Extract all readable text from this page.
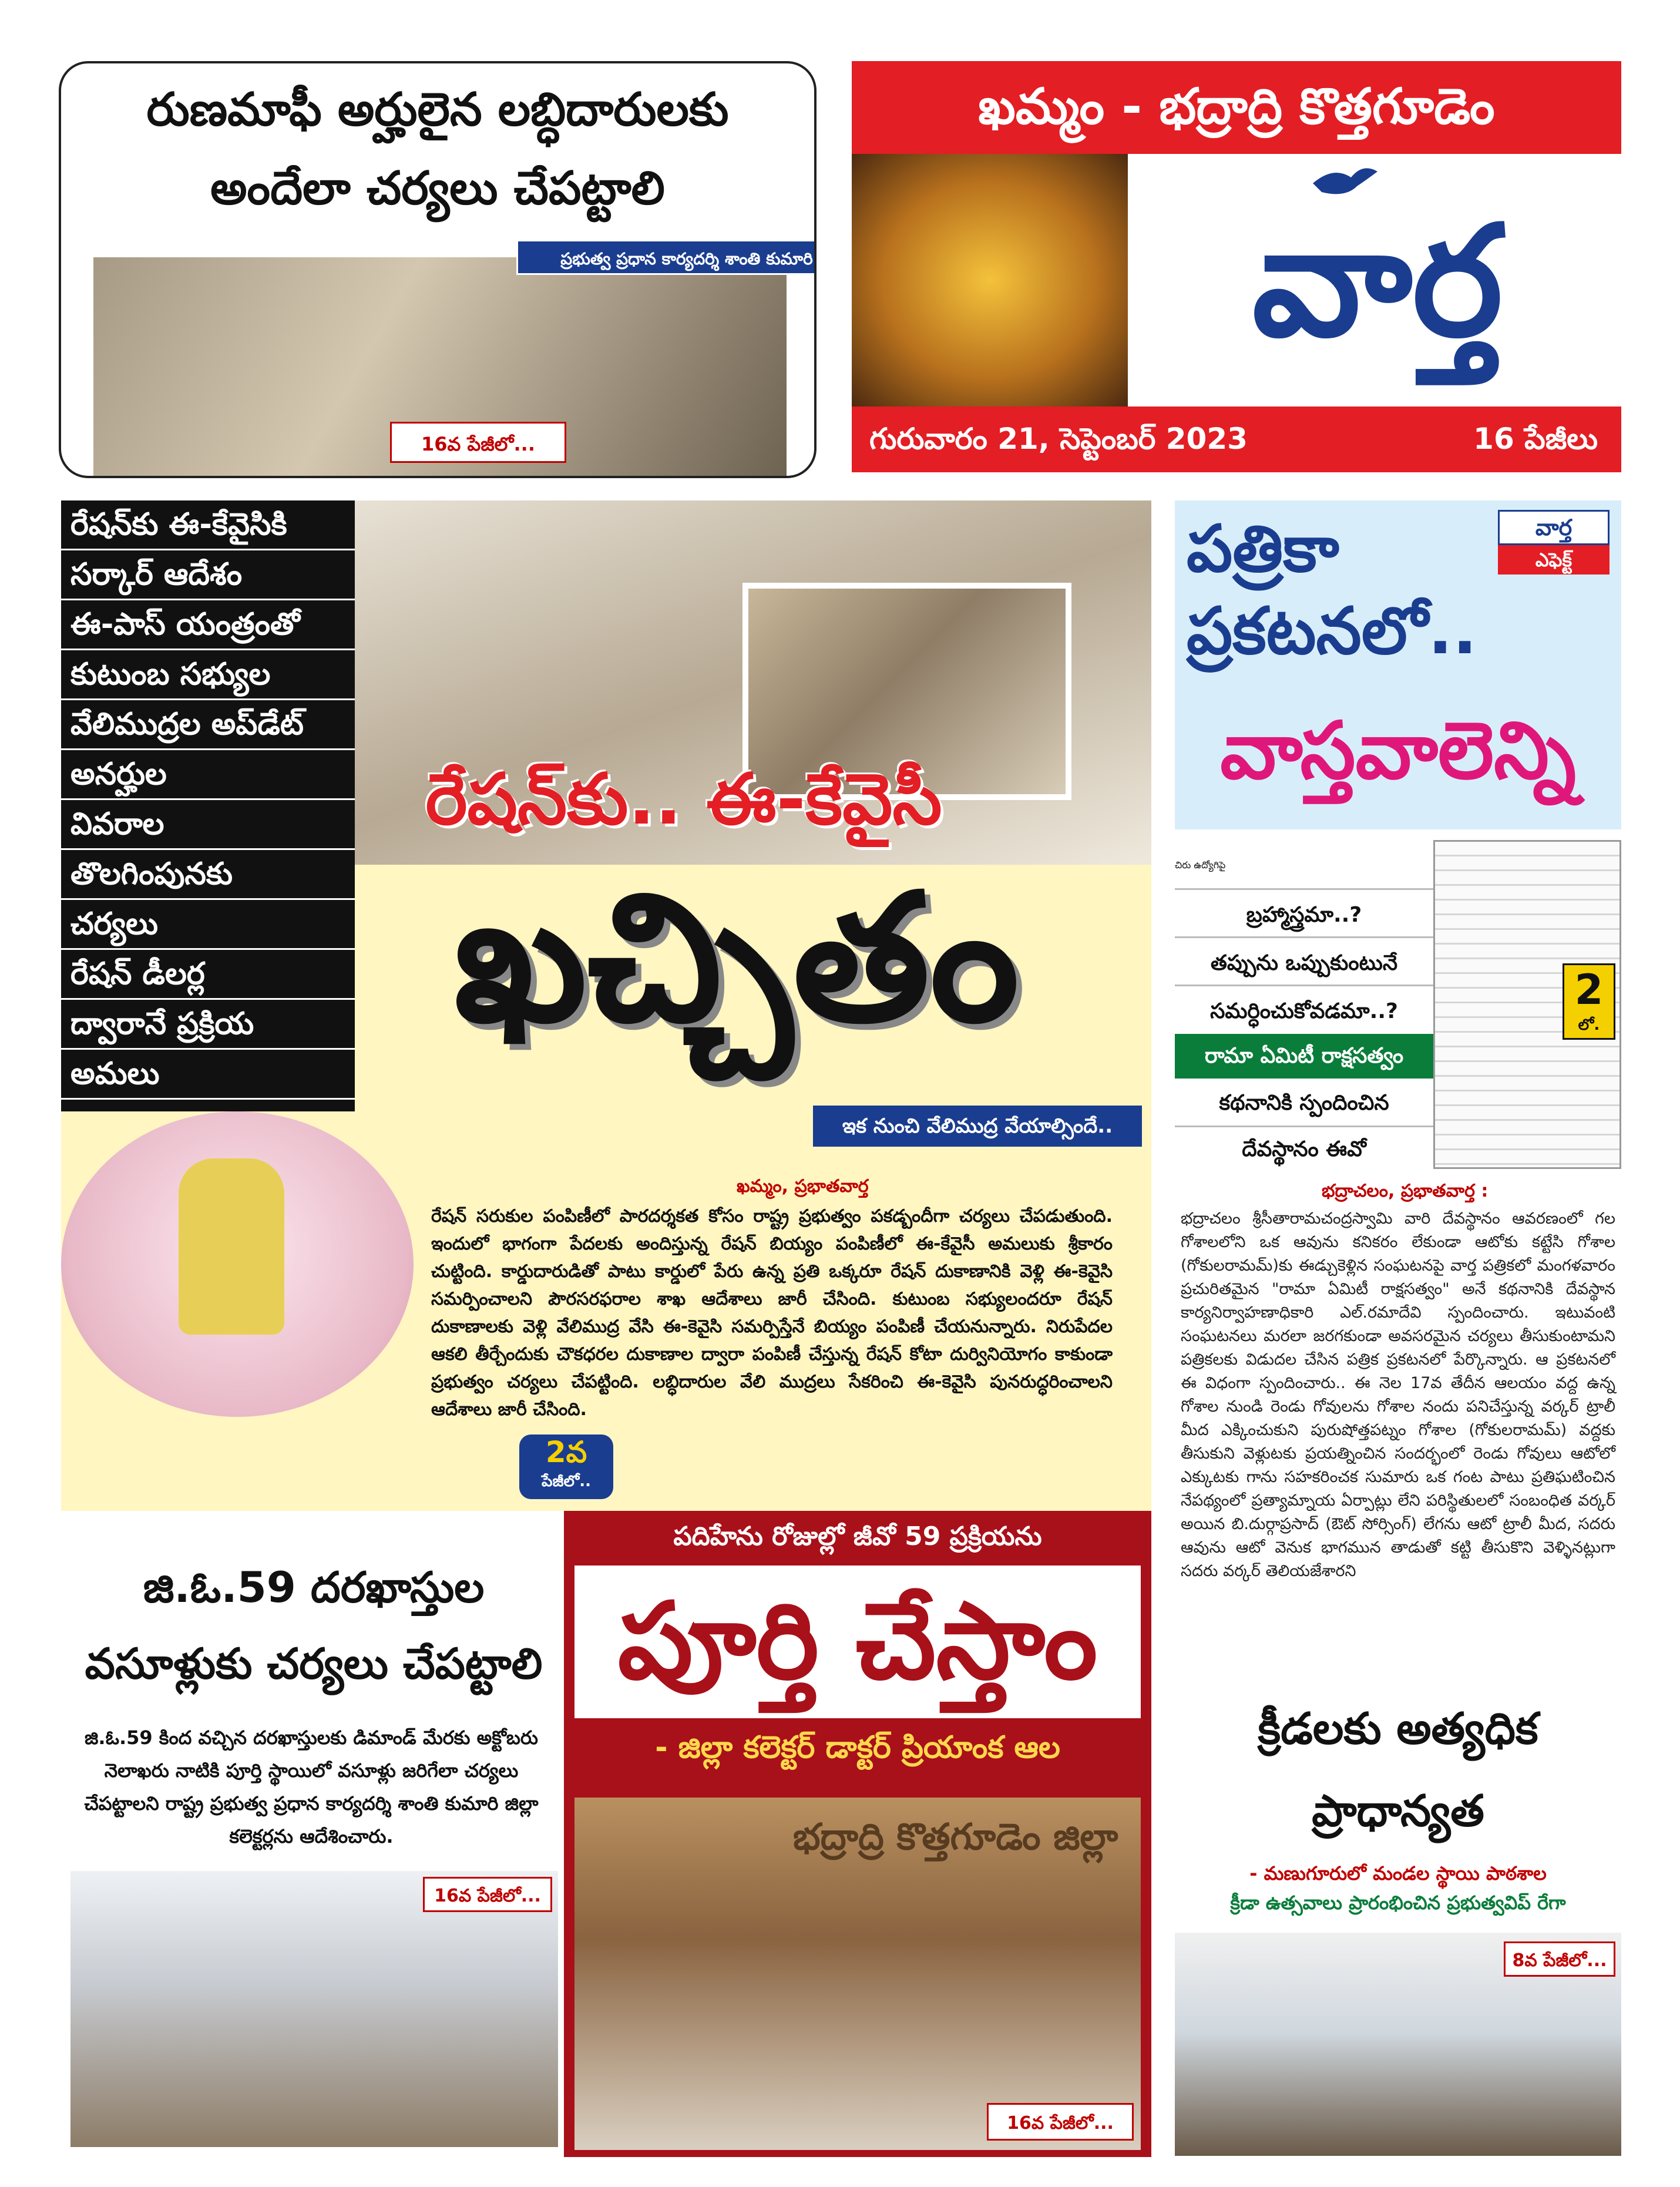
రుణమాఫీ అర్హులైన లబ్ధిదారులకు
అందేలా చర్యలు చేపట్టాలి
ప్రభుత్వ ప్రధాన కార్యదర్శి శాంతి కుమారి
16వ పేజీలో...
ఖమ్మం - భద్రాద్రి కొత్తగూడెం
వార్త
గురువారం 21, సెప్టెంబర్ 2023	16 పేజీలు
రేషన్‌కు ఈ-కేవైసికి
సర్కార్ ఆదేశం
ఈ-పాస్ యంత్రంతో
కుటుంబ సభ్యుల
వేలిముద్రల అప్‌డేట్
అనర్హుల
వివరాల
తొలగింపునకు
చర్యలు
రేషన్ డీలర్ల
ద్వారానే ప్రక్రియ
అమలు
రేషన్‌కు.. ఈ-కేవైసీ
ఖచ్చితం
ఇక నుంచి వేలిముద్ర వేయాల్సిందే..
ఖమ్మం, ప్రభాతవార్త
రేషన్ సరుకుల పంపిణీలో పారదర్శకత కోసం రాష్ట్ర ప్రభుత్వం పకడ్బందీగా చర్యలు చేపడుతుంది. ఇందులో భాగంగా పేదలకు అందిస్తున్న రేషన్ బియ్యం పంపిణీలో ఈ-కేవైసీ అమలుకు శ్రీకారం చుట్టింది. కార్డుదారుడితో పాటు కార్డులో పేరు ఉన్న ప్రతి ఒక్కరూ రేషన్ దుకాణానికి వెళ్లి ఈ-కెవైసి సమర్పించాలని పౌరసరఫరాల శాఖ ఆదేశాలు జారీ చేసింది. కుటుంబ సభ్యులందరూ రేషన్ దుకాణాలకు వెళ్లి వేలిముద్ర వేసి ఈ-కెవైసి సమర్పిస్తేనే బియ్యం పంపిణీ చేయనున్నారు. నిరుపేదల ఆకలి తీర్చేందుకు చౌకధరల దుకాణాల ద్వారా పంపిణీ చేస్తున్న రేషన్ కోటా దుర్వినియోగం కాకుండా ప్రభుత్వం చర్యలు చేపట్టింది. లబ్ధిదారుల వేలి ముద్రలు సేకరించి ఈ-కెవైసి పునరుద్ధరించాలని ఆదేశాలు జారీ చేసింది.
2వ
పేజీలో..
వార్త
ఎఫెక్ట్
పత్రికా
ప్రకటనలో..
వాస్తవాలెన్ని
చిరు ఉద్యోగిపై
బ్రహ్మాస్త్రమా..?
తప్పును ఒప్పుకుంటునే
సమర్ధించుకోవడమా..?
రామా ఏమిటీ రాక్షసత్వం
కథనానికి స్పందించిన
దేవస్థానం ఈవో
2
లో.
భద్రాచలం, ప్రభాతవార్త :
భద్రాచలం శ్రీసీతారామచంద్రస్వామి వారి దేవస్థానం ఆవరణంలో గల గోశాలలోని ఒక ఆవును కనికరం లేకుండా ఆటోకు కట్టేసి గోశాల (గోకులరామమ్)కు ఈడ్చుకెళ్లిన సంఘటనపై వార్త పత్రికలో మంగళవారం ప్రచురితమైన "రామా ఏమిటీ రాక్షసత్వం" అనే కథనానికి దేవస్థాన కార్యనిర్వాహణాధికారి ఎల్.రమాదేవి స్పందించారు. ఇటువంటి సంఘటనలు మరలా జరగకుండా అవసరమైన చర్యలు తీసుకుంటామని పత్రికలకు విడుదల చేసిన పత్రిక ప్రకటనలో పేర్కొన్నారు. ఆ ప్రకటనలో ఈ విధంగా స్పందించారు.. ఈ నెల 17వ తేదీన ఆలయం వద్ద ఉన్న గోశాల నుండి రెండు గోవులను గోశాల నందు పనిచేస్తున్న వర్కర్ ట్రాలీ మీద ఎక్కించుకుని పురుషోత్తపట్నం గోశాల (గోకులరామమ్) వద్దకు తీసుకుని వెళ్లుటకు ప్రయత్నించిన సందర్భంలో రెండు గోవులు ఆటోలో ఎక్కుటకు గాను సహకరించక సుమారు ఒక గంట పాటు ప్రతిఘటించిన నేపథ్యంలో ప్రత్యామ్నాయ ఏర్పాట్లు లేని పరిస్థితులలో సంబంధిత వర్కర్ అయిన బి.దుర్గాప్రసాద్ (ఔట్ సోర్సింగ్) లేగను ఆటో ట్రాలీ మీద, సదరు ఆవును ఆటో వెనుక భాగమున తాడుతో కట్టి తీసుకొని వెళ్ళినట్లుగా సదరు వర్కర్ తెలియజేశారని
జి.ఓ.59 దరఖాస్తుల
వసూళ్లుకు చర్యలు చేపట్టాలి
జి.ఓ.59 కింద వచ్చిన దరఖాస్తులకు డిమాండ్ మేరకు అక్టోబరు నెలాఖరు నాటికి పూర్తి స్థాయిలో వసూళ్లు జరిగేలా చర్యలు చేపట్టాలని రాష్ట్ర ప్రభుత్వ ప్రధాన కార్యదర్శి శాంతి కుమారి జిల్లా కలెక్టర్లను ఆదేశించారు.
16వ పేజీలో...
పదిహేను రోజుల్లో జీవో 59 ప్రక్రియను
పూర్తి చేస్తాం
- జిల్లా కలెక్టర్ డాక్టర్ ప్రియాంక ఆల
భద్రాద్రి కొత్తగూడెం జిల్లా
16వ పేజీలో...
క్రీడలకు అత్యధిక
ప్రాధాన్యత
- మణుగూరులో మండల స్థాయి పాఠశాల
క్రీడా ఉత్సవాలు ప్రారంభించిన ప్రభుత్వవిప్ రేగా
8వ పేజీలో...
